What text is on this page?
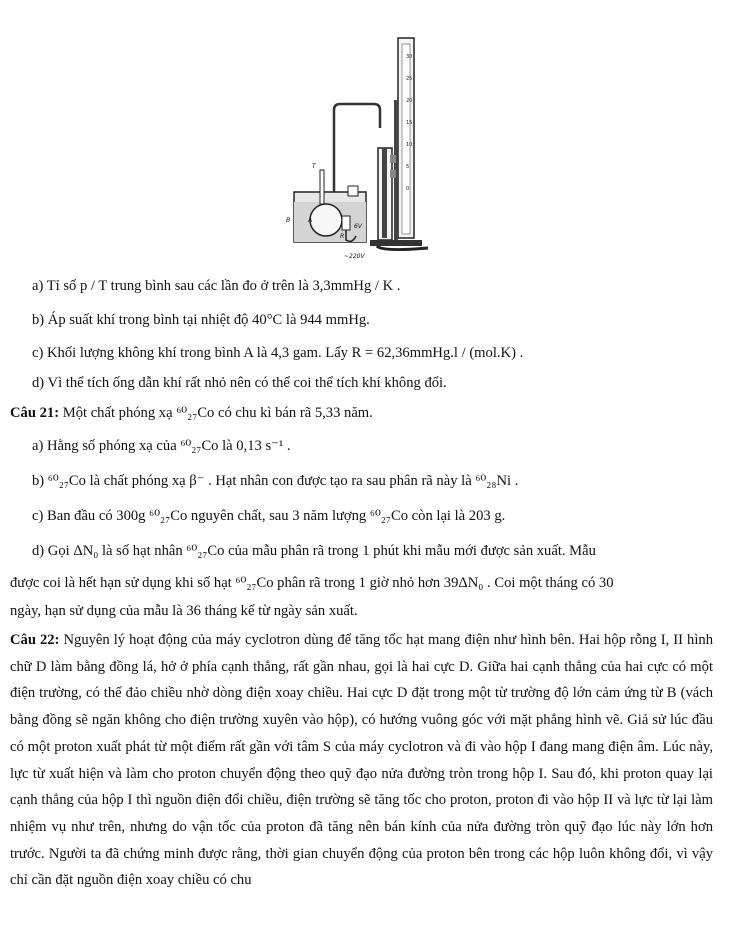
30
25
20
15
10
5
0
T
B	A
R
6V
~220V
a) Tỉ số p / T trung bình sau các lần đo ở trên là 3,3mmHg / K .
b) Áp suất khí trong bình tại nhiệt độ 40°C là 944 mmHg.
c) Khối lượng không khí trong bình A là 4,3 gam. Lấy R = 62,36mmHg.l / (mol.K) .
d) Vì thể tích ống dẫn khí rất nhỏ nên có thể coi thể tích khí không đổi.
Câu 21: Một chất phóng xạ ⁶⁰₂₇Co có chu kì bán rã 5,33 năm.
a) Hằng số phóng xạ của ⁶⁰₂₇Co là 0,13 s⁻¹ .
b) ⁶⁰₂₇Co là chất phóng xạ β⁻ . Hạt nhân con được tạo ra sau phân rã này là ⁶⁰₂₈Ni .
c) Ban đầu có 300g ⁶⁰₂₇Co nguyên chất, sau 3 năm lượng ⁶⁰₂₇Co còn lại là 203 g.
d) Gọi ΔN₀ là số hạt nhân ⁶⁰₂₇Co của mẫu phân rã trong 1 phút khi mẫu mới được sản xuất. Mẫu
được coi là hết hạn sử dụng khi số hạt ⁶⁰₂₇Co phân rã trong 1 giờ nhỏ hơn 39ΔN₀ . Coi một tháng có 30
ngày, hạn sử dụng của mẫu là 36 tháng kể từ ngày sản xuất.
Câu 22: Nguyên lý hoạt động của máy cyclotron dùng để tăng tốc hạt mang điện như hình bên. Hai hộp rỗng I, II hình chữ D làm bằng đồng lá, hở ở phía cạnh thẳng, rất gần nhau, gọi là hai cực D. Giữa hai cạnh thẳng của hai cực có một điện trường, có thể đảo chiều nhờ dòng điện xoay chiều. Hai cực D đặt trong một từ trường độ lớn cảm ứng từ B (vách bằng đồng sẽ ngăn không cho điện trường xuyên vào hộp), có hướng vuông góc với mặt phẳng hình vẽ. Giả sử lúc đầu có một proton xuất phát từ một điểm rất gần với tâm S của máy cyclotron và đi vào hộp I đang mang điện âm. Lúc này, lực từ xuất hiện và làm cho proton chuyển động theo quỹ đạo nửa đường tròn trong hộp I. Sau đó, khi proton quay lại cạnh thẳng của hộp I thì nguồn điện đổi chiều, điện trường sẽ tăng tốc cho proton, proton đi vào hộp II và lực từ lại làm nhiệm vụ như trên, nhưng do vận tốc của proton đã tăng nên bán kính của nửa đường tròn quỹ đạo lúc này lớn hơn trước. Người ta đã chứng minh được rằng, thời gian chuyển động của proton bên trong các hộp luôn không đổi, vì vậy chỉ cần đặt nguồn điện xoay chiều có chu
